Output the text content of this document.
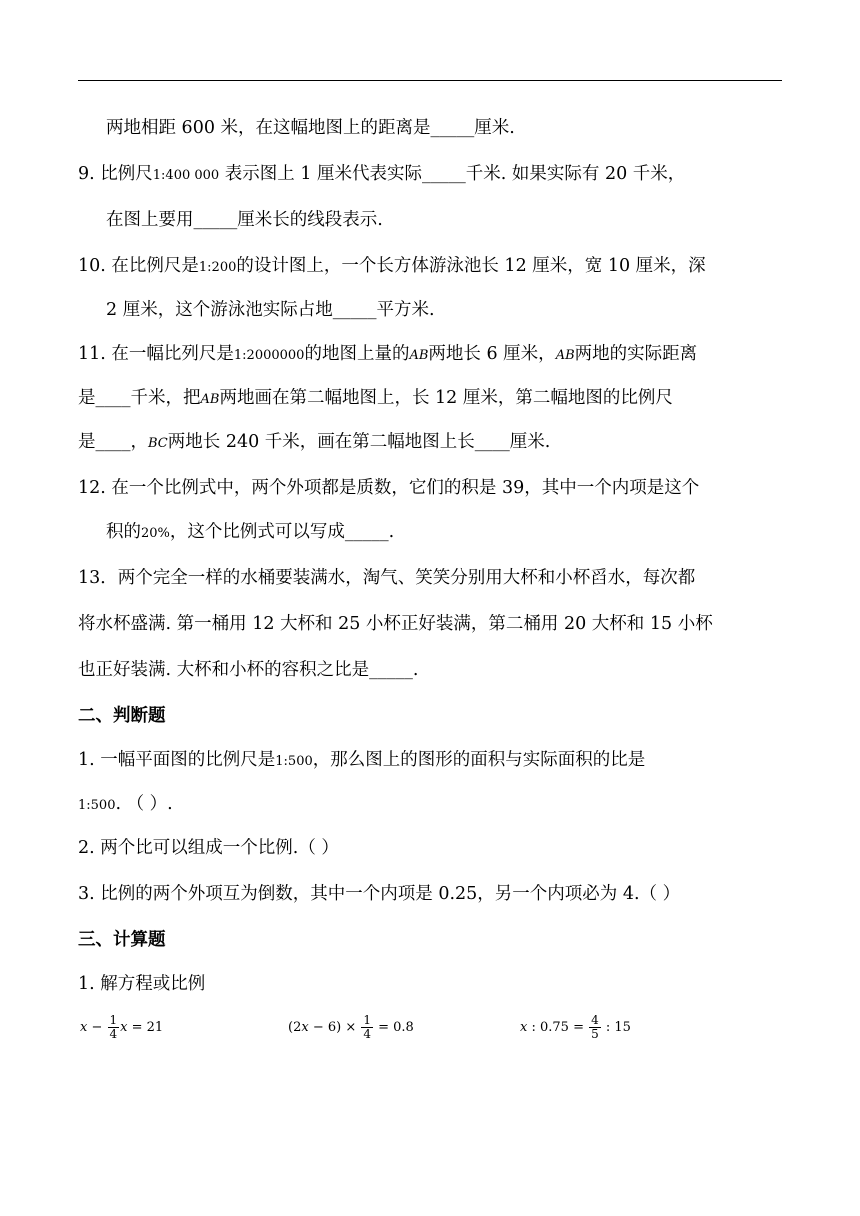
两地相距 600 米，在这幅地图上的距离是_____厘米.
9. 比例尺1:400 000 表示图上 1 厘米代表实际_____千米. 如果实际有 20 千米，
在图上要用_____厘米长的线段表示.
10. 在比例尺是1:200的设计图上，一个长方体游泳池长 12 厘米，宽 10 厘米，深
2 厘米，这个游泳池实际占地_____平方米.
11. 在一幅比列尺是1:2000000的地图上量的AB两地长 6 厘米，AB两地的实际距离
是____千米，把AB两地画在第二幅地图上，长 12 厘米，第二幅地图的比例尺
是____，BC两地长 240 千米，画在第二幅地图上长____厘米.
12. 在一个比例式中，两个外项都是质数，它们的积是 39，其中一个内项是这个
积的20%，这个比例式可以写成_____.
13．两个完全一样的水桶要装满水，淘气、笑笑分别用大杯和小杯舀水，每次都
将水杯盛满. 第一桶用 12 大杯和 25 小杯正好装满，第二桶用 20 大杯和 15 小杯
也正好装满. 大杯和小杯的容积之比是_____.
二、判断题
1. 一幅平面图的比例尺是1:500，那么图上的图形的面积与实际面积的比是
1:500. （ ）.
2. 两个比可以组成一个比例.（ ）
3. 比例的两个外项互为倒数，其中一个内项是 0.25，另一个内项必为 4.（ ）
三、计算题
1. 解方程或比例
$x - \frac{1}{4}$ x = 21	(2 $x - 6) \times \frac{1}{4} = 0.8$	x : $0.75 = \frac{4}{5}$ : 15
